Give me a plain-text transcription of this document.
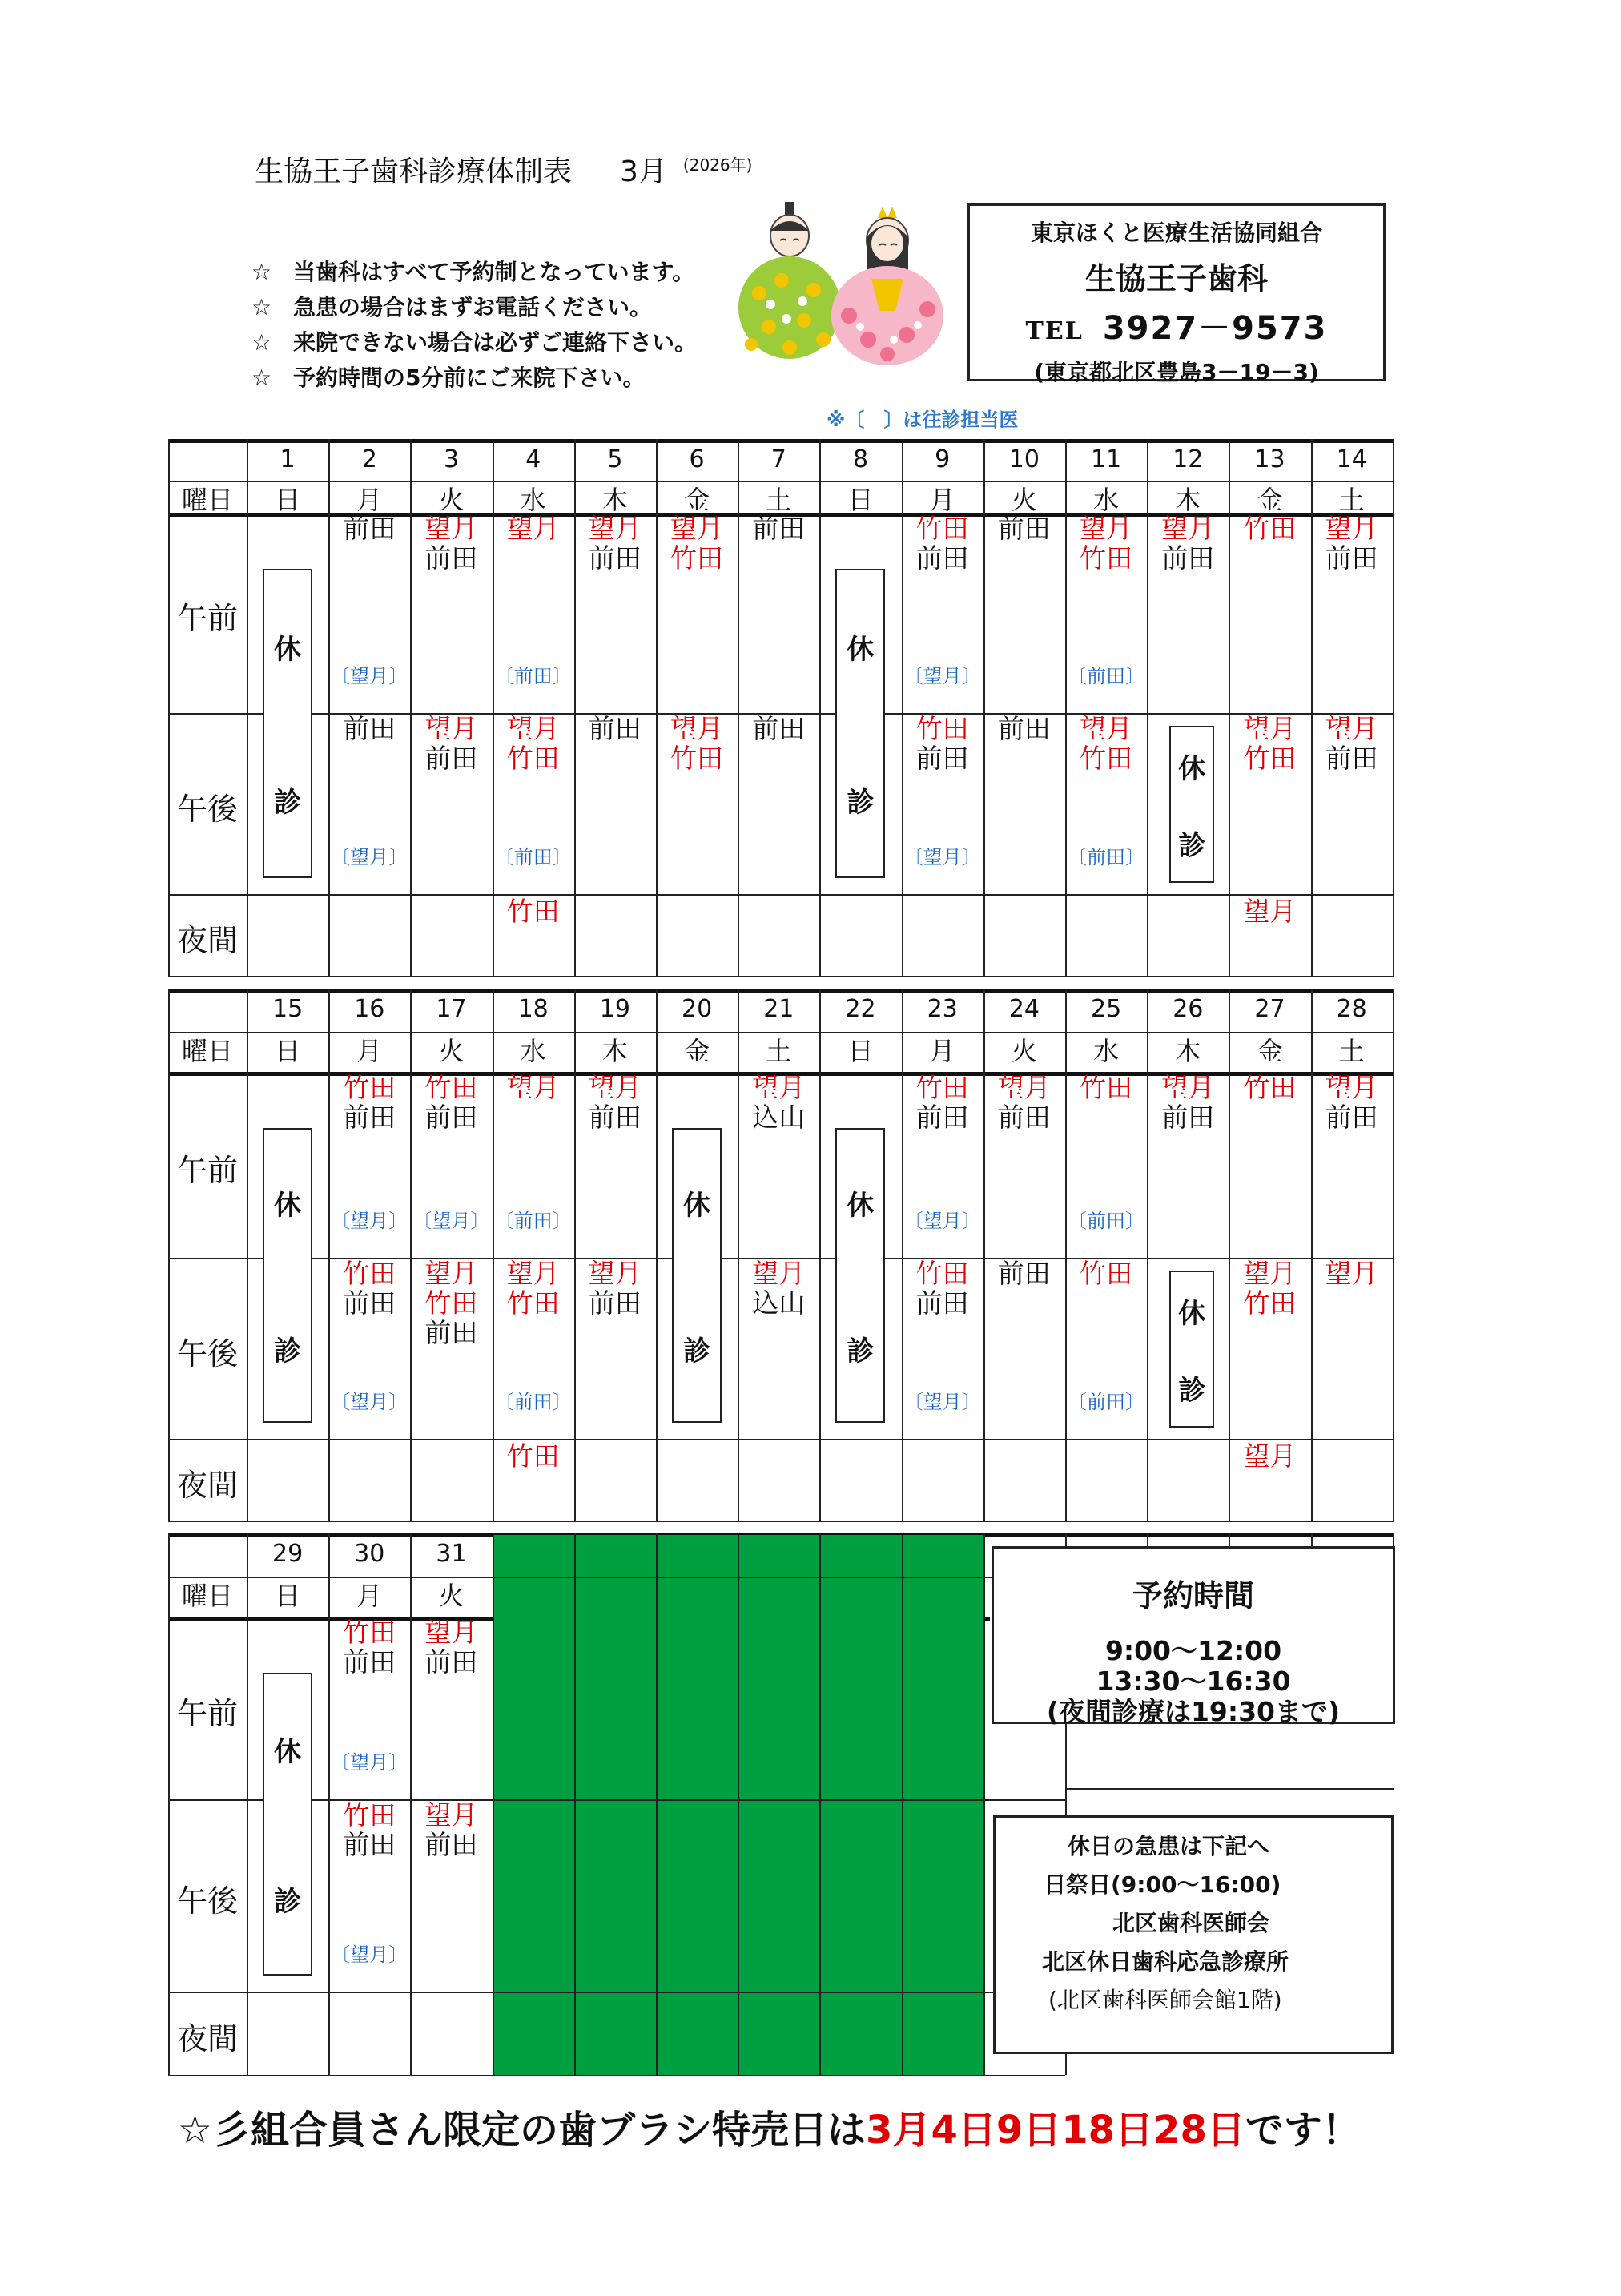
生協王子歯科診療体制表 3月 $^{(2026年)}$
☆ 当歯科はすべて予約制となっています。
☆ 急患の場合はまずお電話ください。
☆ 来院できない場合は必ずご連絡下さい。
☆ 予約時間の5分前にご来院下さい。
東京ほくと医療生活協同組合
生協王子歯科
TEL 3927－9573
(東京都北区豊島3－19－3)
※〔　〕は往診担当医
曜日
午前
午後
夜間
1
日
休
診
2
月
前田
〔望月〕
前田
〔望月〕
3
火
望月
前田
望月
前田
4
水
望月
〔前田〕
望月
竹田
〔前田〕
竹田
5
木
望月
前田
前田
6
金
望月
竹田
望月
竹田
7
土
前田
前田
8
日
休
診
9
月
竹田
前田
〔望月〕
竹田
前田
〔望月〕
10
火
前田
前田
11
水
望月
竹田
〔前田〕
望月
竹田
〔前田〕
12
木
望月
前田
休
診
13
金
竹田
望月
竹田
望月
14
土
望月
前田
望月
前田
曜日
午前
午後
夜間
15
日
休
診
16
月
竹田
前田
〔望月〕
竹田
前田
〔望月〕
17
火
竹田
前田
〔望月〕
望月
竹田
前田
18
水
望月
〔前田〕
望月
竹田
〔前田〕
竹田
19
木
望月
前田
望月
前田
20
金
休
診
21
土
望月
込山
望月
込山
22
日
休
診
23
月
竹田
前田
〔望月〕
竹田
前田
〔望月〕
24
火
望月
前田
前田
25
水
竹田
〔前田〕
竹田
〔前田〕
26
木
望月
前田
休
診
27
金
竹田
望月
竹田
望月
28
土
望月
前田
望月
曜日
午前
午後
夜間
29
日
休
診
30
月
竹田
前田
〔望月〕
竹田
前田
〔望月〕
31
火
望月
前田
望月
前田
予約時間
9:00〜12:00
13:30〜16:30
(夜間診療は19:30まで)
休日の急患は下記へ
日祭日(9:00〜16:00)
北区歯科医師会
北区休日歯科応急診療所
(北区歯科医師会館1階)
☆彡組合員さん限定の歯ブラシ特売日は3月4日9日18日28日です！
